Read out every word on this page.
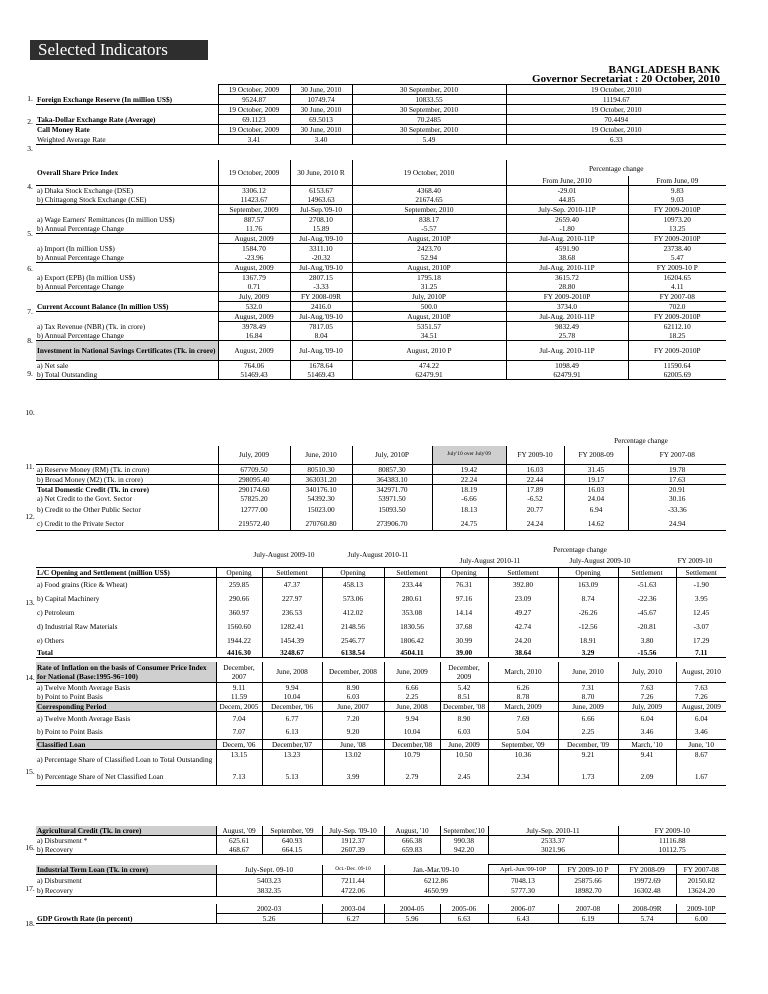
Selected Indicators
BANGLADESH BANK
Governor Secretariat : 20 October, 2010
1.
2.
3.
4.
5.
6.
7.
8.
9.
10.
11.
12.
13.
14.
15.
16.
17.
18.
	19 October, 2009	30 June, 2010	30 September, 2010	19 October, 2010
Foreign Exchange Reserve (In million US$)	9524.87	10749.74	10833.55	11194.67
	19 October, 2009	30 June, 2010	30 September, 2010	19 October, 2010
Taka-Dollar Exchange Rate (Average)	69.1123	69.5013	70.2485	70.4494
Call Money Rate	19 October, 2009	30 June, 2010	30 September, 2010	19 October, 2010
Weighted Average Rate	3.41	3.40	5.49	6.33
Overall Share Price Index	19 October, 2009	30 June, 2010 R	19 October, 2010	Percentage change	
				From June, 2010	From June, 09
a) Dhaka Stock Exchange (DSE)	3306.12	6153.67	4368.40	-29.01	9.83
b) Chittagong Stock Exchange (CSE)	11423.67	14963.63	21674.65	44.85	9.03
	September, 2009	Jul-Sep.'09-10	September, 2010	July-Sep. 2010-11P	FY 2009-2010P
a) Wage Earners' Remittances (In million US$)	887.57	2708.10	838.17	2659.40	10973.20
b) Annual Percentage Change	11.76	15.89	-5.57	-1.80	13.25
	August, 2009	Jul-Aug.'09-10	August, 2010P	Jul-Aug. 2010-11P	FY 2009-2010P
a) Import (In million US$)	1584.70	3311.10	2423.70	4591.90	23738.40
b) Annual Percentage Change	-23.96	-20.32	52.94	38.68	5.47
	August, 2009	Jul-Aug.'09-10	August, 2010P	Jul-Aug. 2010-11P	FY 2009-10 P
a) Export (EPB) (In million US$)	1367.79	2807.15	1795.18	3615.72	16204.65
b) Annual Percentage Change	0.71	-3.33	31.25	28.80	4.11
	July, 2009	FY 2008-09R	July, 2010P	FY 2009-2010P	FY 2007-08
Current Account Balance (In million US$)	532.0	2416.0	500.0	3734.0	702.0
	August, 2009	Jul-Aug.'09-10	August, 2010P	Jul-Aug. 2010-11P	FY 2009-2010P
a) Tax Revenue (NBR) (Tk. in crore)	3978.49	7817.05	5351.57	9832.49	62112.10
b) Annual Percentage Change	16.84	8.04	34.51	25.78	18.25
Investment in National Savings Certificates (Tk. in crore)	August, 2009	Jul-Aug.'09-10	August, 2010 P	Jul-Aug. 2010-11P	FY 2009-2010P
a) Net sale	764.06	1678.64	474.22	1098.49	11590.64
b) Total Outstanding	51469.43	51469.43	62479.91	62479.91	62005.69
Percentage change
	July, 2009	June, 2010	July, 2010P	July'10 over July'09	FY 2009-10	FY 2008-09	FY 2007-08
a) Reserve Money (RM) (Tk. in crore)	67709.50	80510.30	80857.30	19.42	16.03	31.45	19.78
b) Broad Money (M2) (Tk. in crore)	298095.40	363031.20	364383.10	22.24	22.44	19.17	17.63
Total Domestic Credit (Tk. in crore)	290174.60	340176.10	342971.70	18.19	17.89	16.03	20.91
a) Net Credit to the Govt. Sector	57825.20	54392.30	53971.50	-6.66	-6.52	24.04	30.16
b) Credit to the Other Public Sector	12777.00	15023.00	15093.50	18.13	20.77	6.94	-33.36
c) Credit to the Private Sector	219572.40	270760.80	273906.70	24.75	24.24	14.62	24.94
July-August 2009-10	July-August 2010-11
Percentage change
July-August 2010-11	July-August 2009-10	FY 2009-10
L/C Opening and Settlement (million US$)	Opening	Settlement	Opening	Settlement	Opening	Settlement	Opening	Settlement	Settlement
a) Food grains (Rice & Wheat)	259.85	47.37	458.13	233.44	76.31	392.80	163.09	-51.63	-1.90
b) Capital Machinery	290.66	227.97	573.06	280.61	97.16	23.09	8.74	-22.36	3.95
c) Petroleum	360.97	236.53	412.02	353.08	14.14	49.27	-26.26	-45.67	12.45
d) Industrial Raw Materials	1560.60	1282.41	2148.56	1830.56	37.68	42.74	-12.56	-20.81	-3.07
e) Others	1944.22	1454.39	2546.77	1806.42	30.99	24.20	18.91	3.80	17.29
Total	4416.30	3248.67	6138.54	4504.11	39.00	38.64	3.29	-15.56	7.11
Rate of Inflation on the basis of Consumer Price Index for National (Base:1995-96=100)	December, 2007	June, 2008	December, 2008	June, 2009	December, 2009	March, 2010	June, 2010	July, 2010	August, 2010
a) Twelve Month Average Basis	9.11	9.94	8.90	6.66	5.42	6.26	7.31	7.63	7.63
b) Point to Point Basis	11.59	10.04	6.03	2.25	8.51	8.78	8.70	7.26	7.26
Corresponding Period	Decem, 2005	December, '06	June, 2007	June, 2008	December, '08	March, 2009	June, 2009	July, 2009	August, 2009
a) Twelve Month Average Basis	7.04	6.77	7.20	9.94	8.90	7.69	6.66	6.04	6.04
b) Point to Point Basis	7.07	6.13	9.20	10.04	6.03	5.04	2.25	3.46	3.46
Classified Loan	Decem, '06	December,'07	June, '08	December,'08	June, 2009	September, '09	December, '09	March, '10	June, '10
a) Percentage Share of Classified Loan to Total Outstanding	13.15	13.23	13.02	10.79	10.50	10.36	9.21	9.41	8.67
b) Percentage Share of Net Classified Loan	7.13	5.13	3.99	2.79	2.45	2.34	1.73	2.09	1.67
Agricultural Credit (Tk. in crore)	August, '09	September, '09	July-Sep. '09-10	August, '10	September,'10	July-Sep. 2010-11	FY 2009-10
a) Disbursment *	625.61	640.93	1912.37	666.38	990.38	2533.37	11116.88
b) Recovery	468.67	664.15	2607.39	659.83	942.20	3021.96	10112.75
Industrial Term Loan (Tk. in crore)	July-Sept. 09-10	Oct.-Dec. 09-10	Jan.-Mar.'09-10	Aprl.-Jun.'09-10P	FY 2009-10 P	FY 2008-09	FY 2007-08
a) Disbursment	5403.23	7211.44	6212.86	7048.13	25875.66	19972.69	20150.82
b) Recovery	3832.35	4722.06	4650.99	5777.30	18982.70	16302.48	13624.20
	2002-03	2003-04	2004-05	2005-06	2006-07	2007-08	2008-09R	2009-10P
GDP Growth Rate (in percent)	5.26	6.27	5.96	6.63	6.43	6.19	5.74	6.00
